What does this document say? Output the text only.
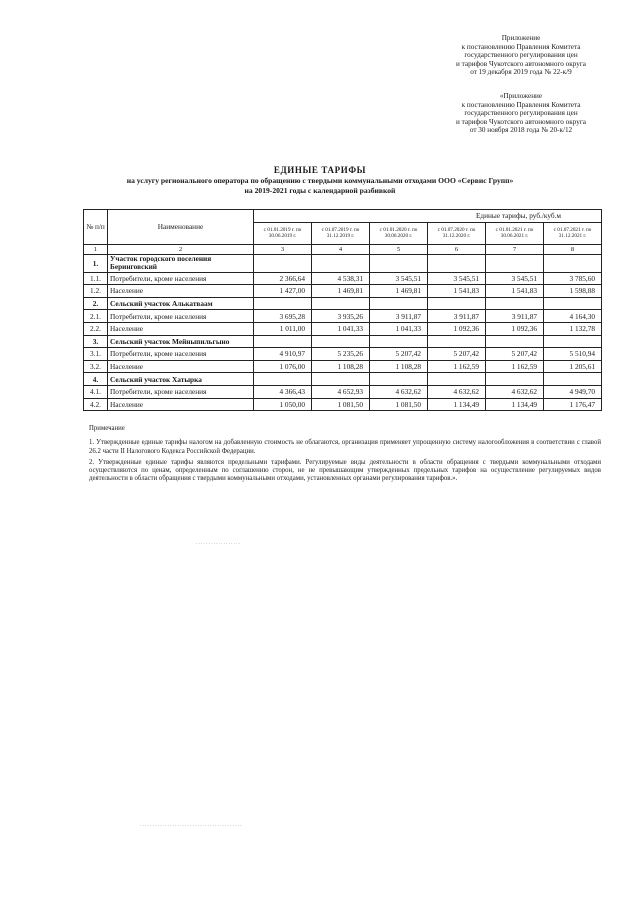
Приложение
к постановлению Правления Комитета
государственного регулирования цен
и тарифов Чукотского автономного округа
от 19 декабря 2019 года № 22-к/9
«Приложение
к постановлению Правления Комитета
государственного регулирования цен
и тарифов Чукотского автономного округа
от 30 ноября 2018 года № 20-к/12
ЕДИНЫЕ ТАРИФЫ
на услугу регионального оператора по обращению с твердыми коммунальными отходами ООО «Сервис Групп»
на 2019-2021 годы с календарной разбивкой
№ п/п	Наименование	Единые тарифы, руб./куб.м					
		с 01.01.2019 г. по 30.06.2019 г.	с 01.07.2019 г. по 31.12.2019 г.	с 01.01.2020 г. по 30.06.2020 г.	с 01.07.2020 г. по 31.12.2020 г.	с 01.01.2021 г. по 30.06.2021 г.	с 01.07.2021 г. по 31.12.2021 г.
1	2	3	4	5	6	7	8
1.	Участок городского поселения Беринговский						
1.1.	Потребители, кроме населения	2 366,64	4 538,31	3 545,51	3 545,51	3 545,51	3 785,60
1.2.	Население	1 427,00	1 469,81	1 469,81	1 541,83	1 541,83	1 598,88
2.	Сельский участок Алькатваам						
2.1.	Потребители, кроме населения	3 695,28	3 935,26	3 911,87	3 911,87	3 911,87	4 164,30
2.2.	Население	1 011,00	1 041,33	1 041,33	1 092,36	1 092,36	1 132,78
3.	Сельский участок Мейныпильгыно						
3.1.	Потребители, кроме населения	4 910,97	5 235,26	5 207,42	5 207,42	5 207,42	5 510,94
3.2.	Население	1 076,00	1 108,28	1 108,28	1 162,59	1 162,59	1 205,61
4.	Сельский участок Хатырка						
4.1.	Потребители, кроме населения	4 366,43	4 652,93	4 632,62	4 632,62	4 632,62	4 949,70
4.2.	Население	1 050,00	1 081,50	1 081,50	1 134,49	1 134,49	1 176,47

Примечание

1. Утвержденные единые тарифы налогом на добавленную стоимость не облагаются, организация применяет упрощенную систему налогообложения в соответствии с главой 26.2 части II Налогового Кодекса Российской Федерации.

2. Утвержденные единые тарифы являются предельными тарифами. Регулируемые виды деятельности в области обращения с твердыми коммунальными отходами осуществляются по ценам, определенным по соглашению сторон, не не превышающим утвержденных предельных тарифов на осуществление регулируемых видов деятельности в области обращения с твердыми коммунальными отходами, установленных органами регулирования тарифов.».

..................
.........................................
